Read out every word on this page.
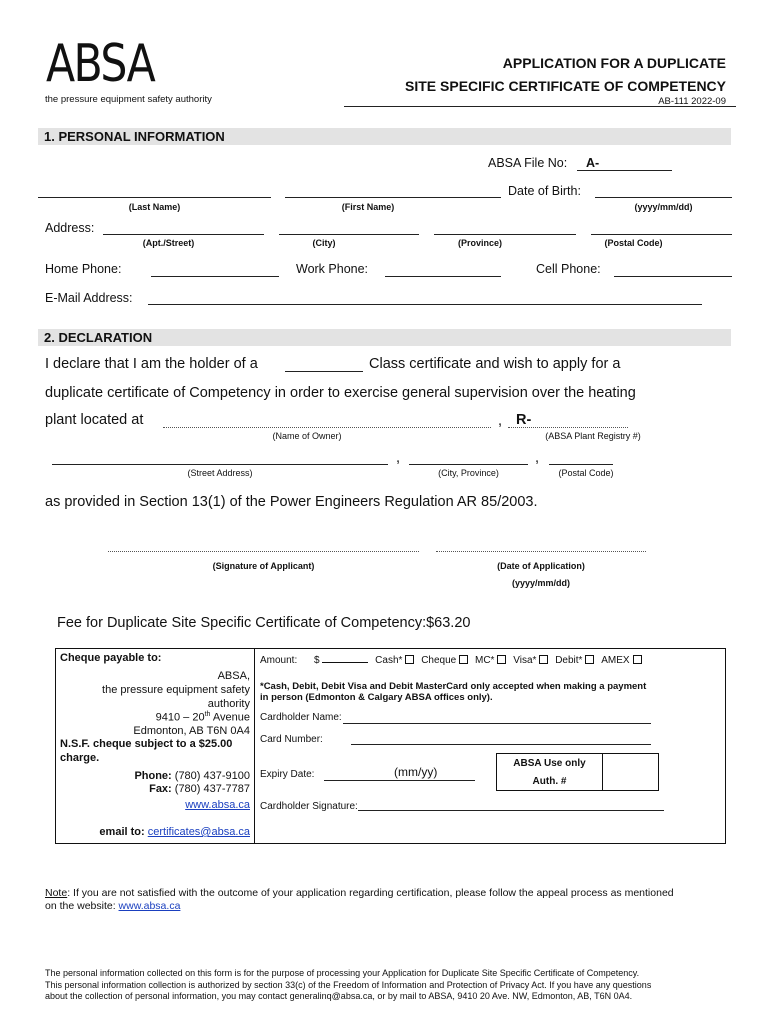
ABSA
the pressure equipment safety authority
APPLICATION FOR A DUPLICATE
SITE SPECIFIC CERTIFICATE OF COMPETENCY
AB-111 2022-09
1. PERSONAL INFORMATION
ABSA File No: A-
Date of Birth:
(Last Name)	(First Name)	(yyyy/mm/dd)
Address:
(Apt./Street)	(City)	(Province)	(Postal Code)
Home Phone:	Work Phone:	Cell Phone:
E-Mail Address:
2. DECLARATION
I declare that I am the holder of a	Class certificate and wish to apply for a
duplicate certificate of Competency in order to exercise general supervision over the heating
plant located at	, R-
(Name of Owner)	(ABSA Plant Registry #)
,	,
(Street Address)	(City, Province)	(Postal Code)
as provided in Section 13(1) of the Power Engineers Regulation AR 85/2003.
(Signature of Applicant)	(Date of Application)
(yyyy/mm/dd)
Fee for Duplicate Site Specific Certificate of Competency:$63.20
Cheque payable to:
ABSA,
the pressure equipment safety
authority
9410 – 20th Avenue
Edmonton, AB T6N 0A4
N.S.F. cheque subject to a $25.00
charge.
Phone: (780) 437-9100
Fax: (780) 437-7787
www.absa.ca
email to: certificates@absa.ca
Amount: $	Cash* Cheque MC* Visa* Debit* AMEX
*Cash, Debit, Debit Visa and Debit MasterCard only accepted when making a payment
in person (Edmonton & Calgary ABSA offices only).
Cardholder Name:
Card Number:
Expiry Date:	(mm/yy)
ABSA Use only
Auth. #
Cardholder Signature:
Note: If you are not satisfied with the outcome of your application regarding certification, please follow the appeal process as mentioned
on the website: www.absa.ca
The personal information collected on this form is for the purpose of processing your Application for Duplicate Site Specific Certificate of Competency.
This personal information collection is authorized by section 33(c) of the Freedom of Information and Protection of Privacy Act. If you have any questions
about the collection of personal information, you may contact generalinq@absa.ca, or by mail to ABSA, 9410 20 Ave. NW, Edmonton, AB, T6N 0A4.
